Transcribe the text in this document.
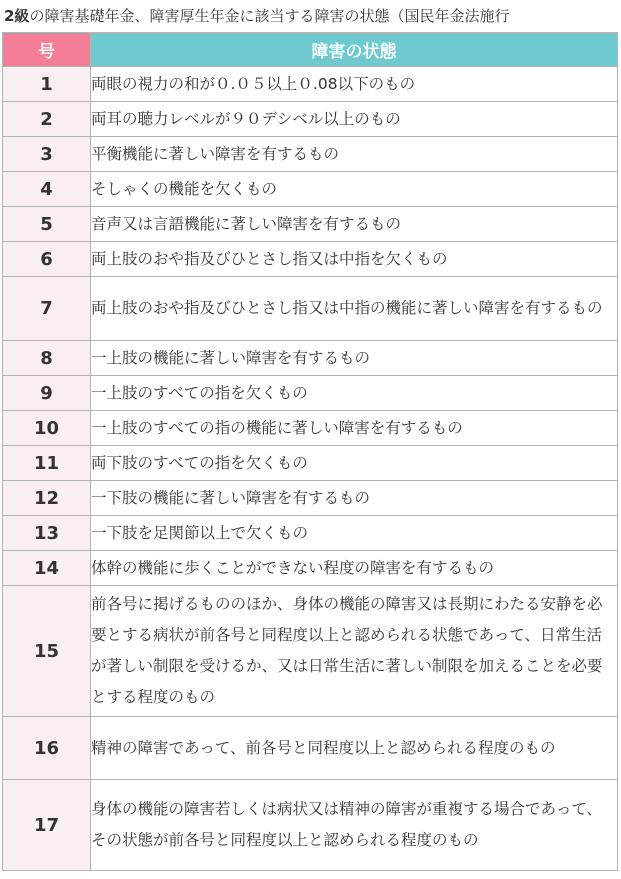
2級の障害基礎年金、障害厚生年金に該当する障害の状態（国民年金法施行
号	障害の状態
1	両眼の視力の和が０.０５以上０.08以下のもの
2	両耳の聴力レベルが９０デシベル以上のもの
3	平衡機能に著しい障害を有するもの
4	そしゃくの機能を欠くもの
5	音声又は言語機能に著しい障害を有するもの
6	両上肢のおや指及びひとさし指又は中指を欠くもの
7	両上肢のおや指及びひとさし指又は中指の機能に著しい障害を有するもの
8	一上肢の機能に著しい障害を有するもの
9	一上肢のすべての指を欠くもの
10	一上肢のすべての指の機能に著しい障害を有するもの
11	両下肢のすべての指を欠くもの
12	一下肢の機能に著しい障害を有するもの
13	一下肢を足関節以上で欠くもの
14	体幹の機能に歩くことができない程度の障害を有するもの
15	前各号に掲げるもののほか、身体の機能の障害又は長期にわたる安静を必要とする病状が前各号と同程度以上と認められる状態であって、日常生活が著しい制限を受けるか、又は日常生活に著しい制限を加えることを必要とする程度のもの
16	精神の障害であって、前各号と同程度以上と認められる程度のもの
17	身体の機能の障害若しくは病状又は精神の障害が重複する場合であって、その状態が前各号と同程度以上と認められる程度のもの
